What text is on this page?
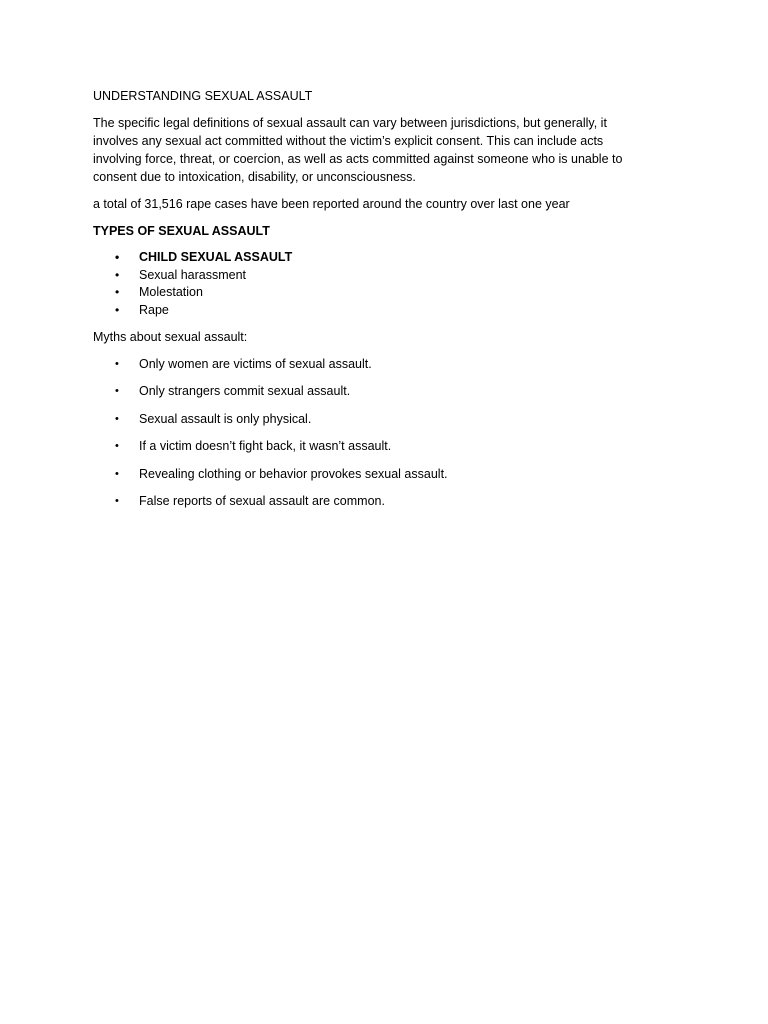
UNDERSTANDING SEXUAL ASSAULT

The specific legal definitions of sexual assault can vary between jurisdictions, but generally, it involves any sexual act committed without the victim’s explicit consent. This can include acts involving force, threat, or coercion, as well as acts committed against someone who is unable to consent due to intoxication, disability, or unconsciousness.

a total of 31,516 rape cases have been reported around the country over last one year

TYPES OF SEXUAL ASSAULT

• CHILD SEXUAL ASSAULT
• Sexual harassment
• Molestation
• Rape

Myths about sexual assault:

• Only women are victims of sexual assault.
• Only strangers commit sexual assault.
• Sexual assault is only physical.
• If a victim doesn’t fight back, it wasn’t assault.
• Revealing clothing or behavior provokes sexual assault.
• False reports of sexual assault are common.
